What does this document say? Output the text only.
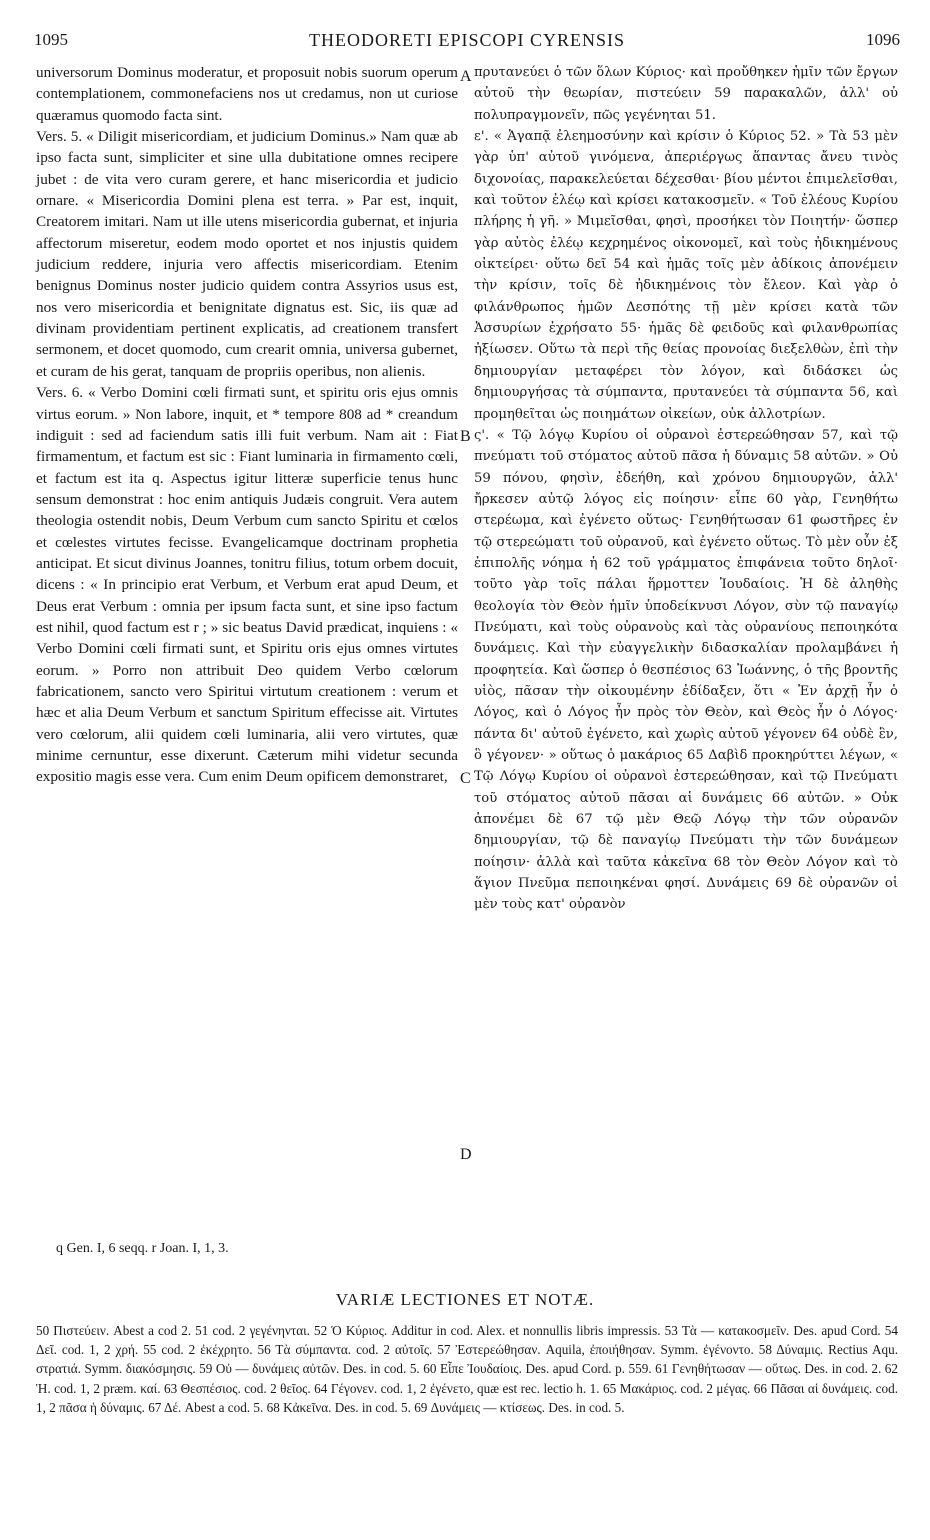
1095	THEODORETI EPISCOPI CYRENSIS	1096

universorum Dominus moderatur, et proposuit nobis suorum operum contemplationem, commonefaciens nos ut credamus, non ut curiose quæramus quomodo facta sint.

Vers. 5. « Diligit misericordiam, et judicium Dominus.» Nam quæ ab ipso facta sunt, simpliciter et sine ulla dubitatione omnes recipere jubet : de vita vero curam gerere, et hanc misericordia et judicio ornare. « Misericordia Domini plena est terra. » Par est, inquit, Creatorem imitari. Nam ut ille utens misericordia gubernat, et injuria affectorum miseretur, eodem modo oportet et nos injustis quidem judicium reddere, injuria vero affectis misericordiam. Etenim benignus Dominus noster judicio quidem contra Assyrios usus est, nos vero misericordia et benignitate dignatus est. Sic, iis quæ ad divinam providentiam pertinent explicatis, ad creationem transfert sermonem, et docet quomodo, cum crearit omnia, universa gubernet, et curam de his gerat, tanquam de propriis operibus, non alienis.

Vers. 6. « Verbo Domini cœli firmati sunt, et spiritu oris ejus omnis virtus eorum. » Non labore, inquit, et * tempore 808 ad * creandum indiguit : sed ad faciendum satis illi fuit verbum. Nam ait : Fiat firmamentum, et factum est sic : Fiant luminaria in firmamento cœli, et factum est ita q. Aspectus igitur litteræ superficie tenus hunc sensum demonstrat : hoc enim antiquis Judæis congruit. Vera autem theologia ostendit nobis, Deum Verbum cum sancto Spiritu et cœlos et cœlestes virtutes fecisse. Evangelicamque doctrinam prophetia anticipat. Et sicut divinus Joannes, tonitru filius, totum orbem docuit, dicens : « In principio erat Verbum, et Verbum erat apud Deum, et Deus erat Verbum : omnia per ipsum facta sunt, et sine ipso factum est nihil, quod factum est r ; » sic beatus David prædicat, inquiens : « Verbo Domini cœli firmati sunt, et Spiritu oris ejus omnes virtutes eorum. » Porro non attribuit Deo quidem Verbo cœlorum fabricationem, sancto vero Spiritui virtutum creationem : verum et hæc et alia Deum Verbum et sanctum Spiritum effecisse ait. Virtutes vero cœlorum, alii quidem cœli luminaria, alii vero virtutes, quæ minime cernuntur, esse dixerunt. Cæterum mihi videtur secunda expositio magis esse vera. Cum enim Deum opificem demonstraret,

πρυτανεύει ὁ τῶν ὅλων Κύριος· καὶ προὔθηκεν ἡμῖν τῶν ἔργων αὐτοῦ τὴν θεωρίαν, πιστεύειν 59 παρακαλῶν, ἀλλ' οὐ πολυπραγμονεῖν, πῶς γεγένηται 51.

ε'. « Ἀγαπᾷ ἐλεημοσύνην καὶ κρίσιν ὁ Κύριος 52. » Τὰ 53 μὲν γὰρ ὑπ' αὐτοῦ γινόμενα, ἀπεριέργως ἅπαντας ἄνευ τινὸς διχονοίας, παρακελεύεται δέχεσθαι· βίου μέντοι ἐπιμελεῖσθαι, καὶ τοῦτον ἐλέῳ καὶ κρίσει κατακοσμεῖν. « Τοῦ ἐλέους Κυρίου πλήρης ἡ γῆ. » Μιμεῖσθαι, φησὶ, προσήκει τὸν Ποιητήν· ὥσπερ γὰρ αὐτὸς ἐλέῳ κεχρημένος οἰκονομεῖ, καὶ τοὺς ἠδικημένους οἰκτείρει· οὕτω δεῖ 54 καὶ ἡμᾶς τοῖς μὲν ἀδίκοις ἀπονέμειν τὴν κρίσιν, τοῖς δὲ ἠδικημένοις τὸν ἔλεον. Καὶ γὰρ ὁ φιλάνθρωπος ἡμῶν Δεσπότης τῇ μὲν κρίσει κατὰ τῶν Ἀσσυρίων ἐχρήσατο 55· ἡμᾶς δὲ φειδοῦς καὶ φιλανθρωπίας ἠξίωσεν. Οὕτω τὰ περὶ τῆς θείας προνοίας διεξελθὼν, ἐπὶ τὴν δημιουργίαν μεταφέρει τὸν λόγον, καὶ διδάσκει ὡς δημιουργήσας τὰ σύμπαντα, πρυτανεύει τὰ σύμπαντα 56, καὶ προμηθεῖται ὡς ποιημάτων οἰκείων, οὐκ ἀλλοτρίων.

ς'. « Τῷ λόγῳ Κυρίου οἱ οὐρανοὶ ἐστερεώθησαν 57, καὶ τῷ πνεύματι τοῦ στόματος αὐτοῦ πᾶσα ἡ δύναμις 58 αὐτῶν. » Οὐ 59 πόνου, φησὶν, ἐδεήθη, καὶ χρόνου δημιουργῶν, ἀλλ' ἤρκεσεν αὐτῷ λόγος εἰς ποίησιν· εἶπε 60 γὰρ, Γενηθήτω στερέωμα, καὶ ἐγένετο οὕτως· Γενηθήτωσαν 61 φωστῆρες ἐν τῷ στερεώματι τοῦ οὐρανοῦ, καὶ ἐγένετο οὕτως. Τὸ μὲν οὖν ἐξ ἐπιπολῆς νόημα ἡ 62 τοῦ γράμματος ἐπιφάνεια τοῦτο δηλοῖ· τοῦτο γὰρ τοῖς πάλαι ἥρμοττεν Ἰουδαίοις. Ἡ δὲ ἀληθὴς θεολογία τὸν Θεὸν ἡμῖν ὑποδείκνυσι Λόγον, σὺν τῷ παναγίῳ Πνεύματι, καὶ τοὺς οὐρανοὺς καὶ τὰς οὐρανίους πεποιηκότα δυνάμεις. Καὶ τὴν εὐαγγελικὴν διδασκαλίαν προλαμβάνει ἡ προφητεία. Καὶ ὥσπερ ὁ θεσπέσιος 63 Ἰωάννης, ὁ τῆς βροντῆς υἱὸς, πᾶσαν τὴν οἰκουμένην ἐδίδαξεν, ὅτι « Ἐν ἀρχῇ ἦν ὁ Λόγος, καὶ ὁ Λόγος ἦν πρὸς τὸν Θεὸν, καὶ Θεὸς ἦν ὁ Λόγος· πάντα δι' αὐτοῦ ἐγένετο, καὶ χωρὶς αὐτοῦ γέγονεν 64 οὐδὲ ἓν, ὃ γέγονεν· » οὕτως ὁ μακάριος 65 Δαβὶδ προκηρύττει λέγων, « Τῷ Λόγῳ Κυρίου οἱ οὐρανοὶ ἐστερεώθησαν, καὶ τῷ Πνεύματι τοῦ στόματος αὐτοῦ πᾶσαι αἱ δυνάμεις 66 αὐτῶν. » Οὐκ ἀπονέμει δὲ 67 τῷ μὲν Θεῷ Λόγῳ τὴν τῶν οὐρανῶν δημιουργίαν, τῷ δὲ παναγίῳ Πνεύματι τὴν τῶν δυνάμεων ποίησιν· ἀλλὰ καὶ ταῦτα κἀκεῖνα 68 τὸν Θεὸν Λόγον καὶ τὸ ἅγιον Πνεῦμα πεποιηκέναι φησί. Δυνάμεις 69 δὲ οὐρανῶν οἱ μὲν τοὺς κατ' οὐρανὸν

A
B
C
D
q Gen. I, 6 seqq. r Joan. I, 1, 3.
VARIÆ LECTIONES ET NOTÆ.
50 Πιστεύειν. Abest a cod 2. 51 cod. 2 γεγένηνται. 52 Ὁ Κύριος. Additur in cod. Alex. et nonnullis libris impressis. 53 Τὰ — κατακοσμεῖν. Des. apud Cord. 54 Δεῖ. cod. 1, 2 χρή. 55 cod. 2 ἐκέχρητο. 56 Τὰ σύμπαντα. cod. 2 αὐτοῖς. 57 Ἐστερεώθησαν. Aquila, ἐποιήθησαν. Symm. ἐγένοντο. 58 Δύναμις. Rectius Aqu. στρατιά. Symm. διακόσμησις. 59 Οὐ — δυνάμεις αὐτῶν. Des. in cod. 5. 60 Εἶπε Ἰουδαίοις. Des. apud Cord. p. 559. 61 Γενηθήτωσαν — οὕτως. Des. in cod. 2. 62 Ἡ. cod. 1, 2 præm. καί. 63 Θεσπέσιος. cod. 2 θεῖος. 64 Γέγονεν. cod. 1, 2 ἐγένετο, quæ est rec. lectio h. 1. 65 Μακάριος. cod. 2 μέγας. 66 Πᾶσαι αἱ δυνάμεις. cod. 1, 2 πᾶσα ἡ δύναμις. 67 Δέ. Abest a cod. 5. 68 Κἀκεῖνα. Des. in cod. 5. 69 Δυνάμεις — κτίσεως. Des. in cod. 5.
